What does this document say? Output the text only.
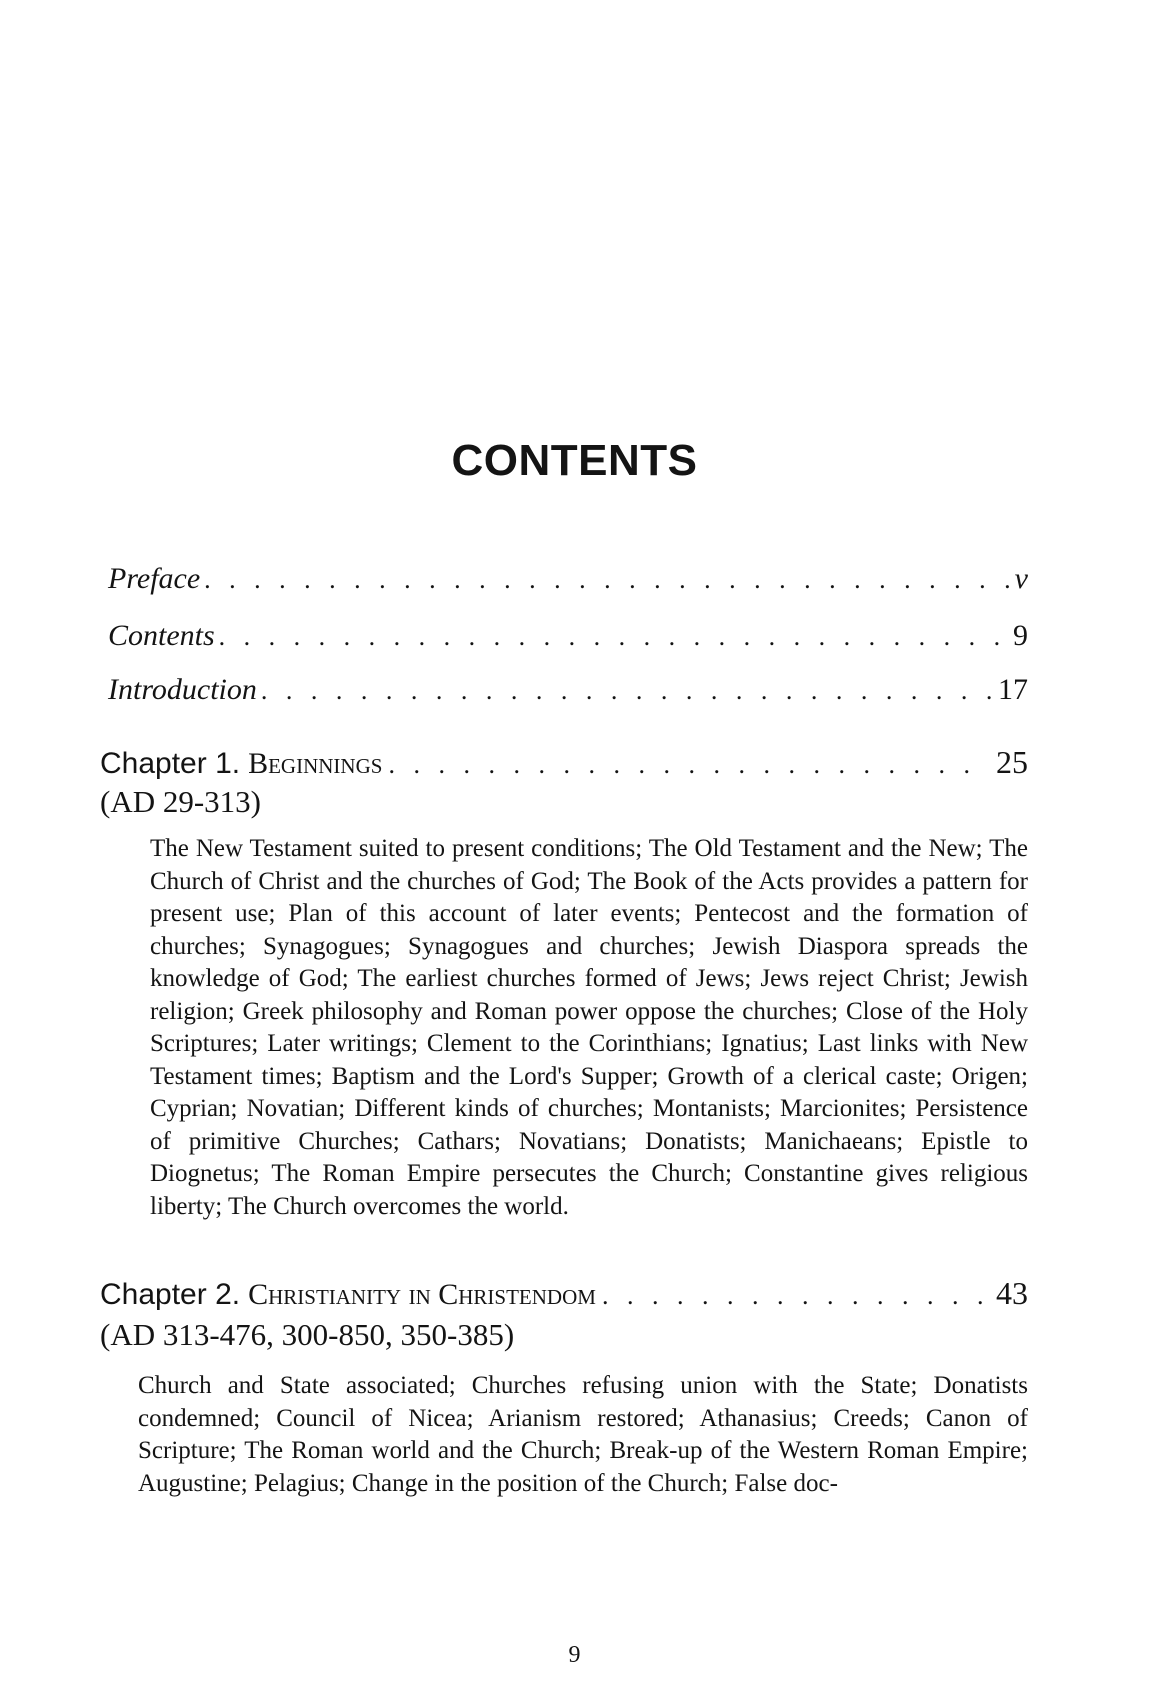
CONTENTS
Preface . . .	v
Contents . . .	9
Introduction . . .	17
Chapter 1. Beginnings . . .	25
(AD 29-313)
The New Testament suited to present conditions; The Old Testament and the New; The Church of Christ and the churches of God; The Book of the Acts provides a pattern for present use; Plan of this account of later events; Pentecost and the formation of churches; Synagogues; Synagogues and churches; Jewish Diaspora spreads the knowledge of God; The earliest churches formed of Jews; Jews reject Christ; Jewish religion; Greek philosophy and Roman power oppose the churches; Close of the Holy Scriptures; Later writings; Clement to the Corinthians; Ignatius; Last links with New Testament times; Baptism and the Lord's Supper; Growth of a clerical caste; Origen; Cyprian; Novatian; Different kinds of churches; Montanists; Marcionites; Persistence of primitive Churches; Cathars; Novatians; Donatists; Manichaeans; Epistle to Diognetus; The Roman Empire persecutes the Church; Constantine gives religious liberty; The Church overcomes the world.
Chapter 2. Christianity in Christendom . . .	43
(AD 313-476, 300-850, 350-385)
Church and State associated; Churches refusing union with the State; Donatists condemned; Council of Nicea; Arianism restored; Athanasius; Creeds; Canon of Scripture; The Roman world and the Church; Break-up of the Western Roman Empire; Augustine; Pelagius; Change in the position of the Church; False doc-
9
